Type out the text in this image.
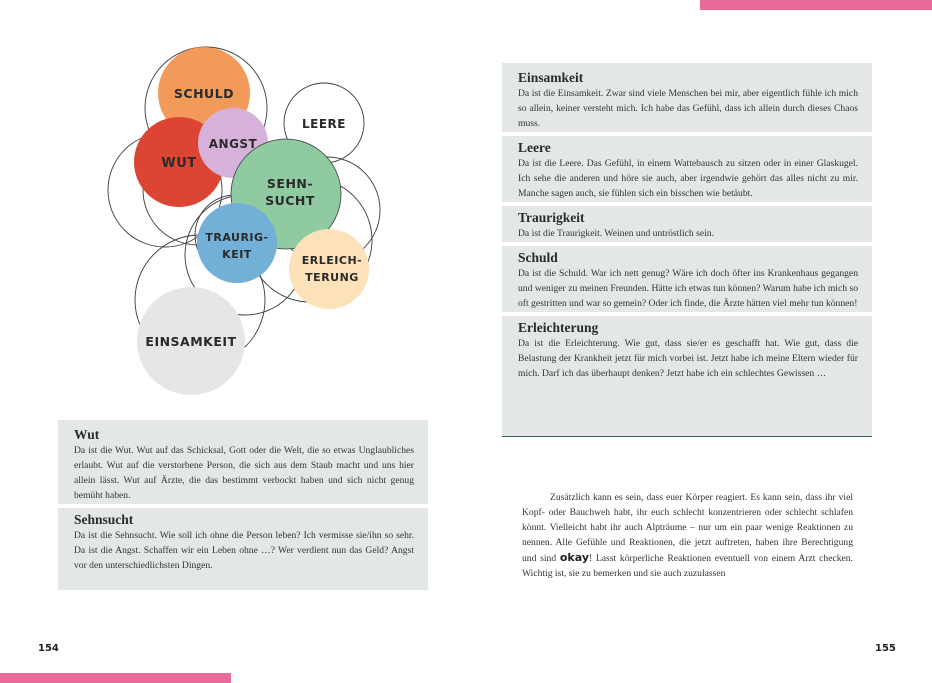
SCHULD
WUT
ANGST
LEERE
SEHN-
SUCHT
ERLEICH-
TERUNG
TRAURIG-
KEIT
EINSAMKEIT
Wut

Da ist die Wut. Wut auf das Schicksal, Gott oder die Welt, die so etwas Unglaubliches erlaubt. Wut auf die verstorbene Person, die sich aus dem Staub macht und uns hier allein lässt. Wut auf Ärzte, die das bestimmt verbockt haben und sich nicht genug bemüht haben.

Sehnsucht

Da ist die Sehnsucht. Wie soll ich ohne die Person leben? Ich vermisse sie/ihn so sehr. Da ist die Angst. Schaffen wir ein Leben ohne …? Wer verdient nun das Geld? Angst vor den unterschiedlichsten Dingen.

Einsamkeit

Da ist die Einsamkeit. Zwar sind viele Menschen bei mir, aber eigentlich fühle ich mich so allein, keiner versteht mich. Ich habe das Gefühl, dass ich allein durch dieses Chaos muss.

Leere

Da ist die Leere. Das Gefühl, in einem Wattebausch zu sitzen oder in einer Glaskugel. Ich sehe die anderen und höre sie auch, aber irgendwie gehört das alles nicht zu mir. Manche sagen auch, sie fühlen sich ein bisschen wie betäubt.

Traurigkeit

Da ist die Traurigkeit. Weinen und untröstlich sein.

Schuld

Da ist die Schuld. War ich nett genug? Wäre ich doch öfter ins Krankenhaus gegangen und weniger zu meinen Freunden. Hätte ich etwas tun können? Warum habe ich mich so oft gestritten und war so gemein? Oder ich finde, die Ärzte hätten viel mehr tun können!

Erleichterung

Da ist die Erleichterung. Wie gut, dass sie/er es geschafft hat. Wie gut, dass die Belastung der Krankheit jetzt für mich vorbei ist. Jetzt habe ich meine Eltern wieder für mich. Darf ich das überhaupt denken? Jetzt habe ich ein schlechtes Gewissen …

Zusätzlich kann es sein, dass euer Körper reagiert. Es kann sein, dass ihr viel Kopf- oder Bauchweh habt, ihr euch schlecht konzentrieren oder schlecht schlafen könnt. Vielleicht habt ihr auch Alpträume – nur um ein paar wenige Reaktionen zu nennen. Alle Gefühle und Reaktionen, die jetzt auftreten, haben ihre Berechtigung und sind okay! Lasst körperliche Reaktionen eventuell von einem Arzt checken. Wichtig ist, sie zu bemerken und sie auch zuzulassen
154	155
